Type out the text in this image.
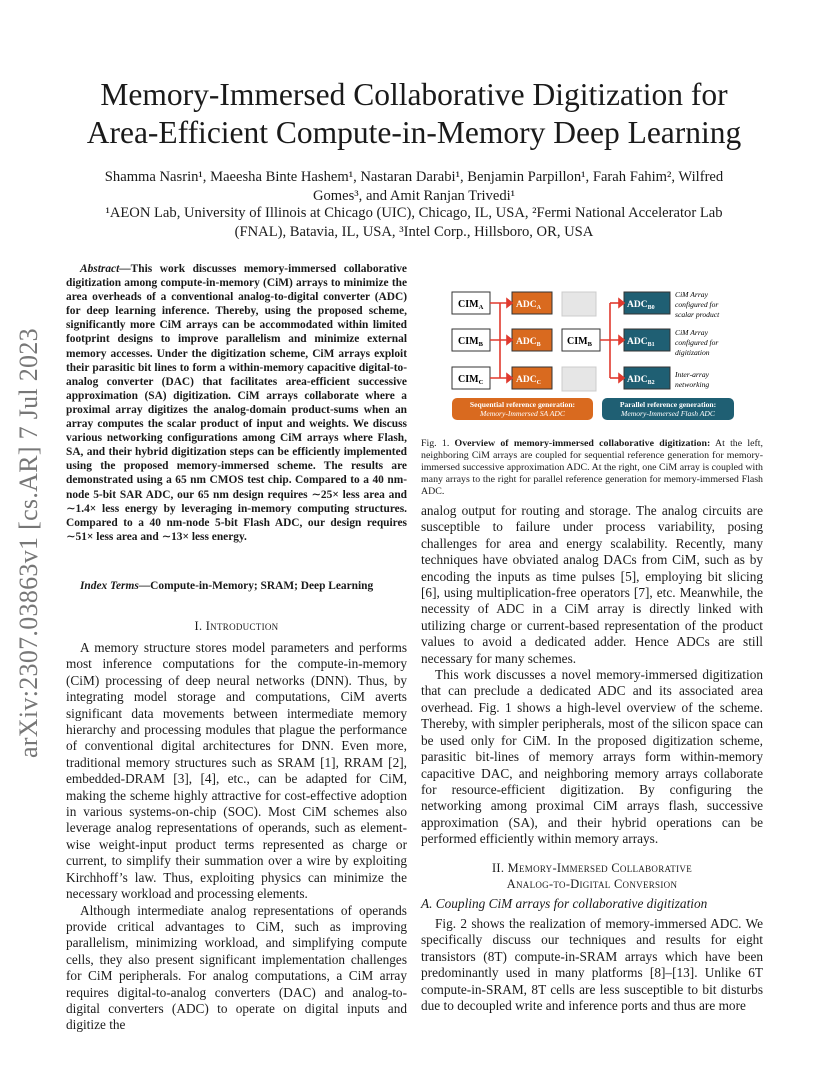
Memory-Immersed Collaborative Digitization for
Area-Efficient Compute-in-Memory Deep Learning
Shamma Nasrin¹, Maeesha Binte Hashem¹, Nastaran Darabi¹, Benjamin Parpillon¹, Farah Fahim², Wilfred
Gomes³, and Amit Ranjan Trivedi¹
¹AEON Lab, University of Illinois at Chicago (UIC), Chicago, IL, USA, ²Fermi National Accelerator Lab
(FNAL), Batavia, IL, USA, ³Intel Corp., Hillsboro, OR, USA
arXiv:2307.03863v1 [cs.AR] 7 Jul 2023

Abstract—This work discusses memory-immersed collaborative digitization among compute-in-memory (CiM) arrays to minimize the area overheads of a conventional analog-to-digital converter (ADC) for deep learning inference. Thereby, using the proposed scheme, significantly more CiM arrays can be accommodated within limited footprint designs to improve parallelism and minimize external memory accesses. Under the digitization scheme, CiM arrays exploit their parasitic bit lines to form a within-memory capacitive digital-to-analog converter (DAC) that facilitates area-efficient successive approximation (SA) digitization. CiM arrays collaborate where a proximal array digitizes the analog-domain product-sums when an array computes the scalar product of input and weights. We discuss various networking configurations among CiM arrays where Flash, SA, and their hybrid digitization steps can be efficiently implemented using the proposed memory-immersed scheme. The results are demonstrated using a 65 nm CMOS test chip. Compared to a 40 nm-node 5-bit SAR ADC, our 65 nm design requires ∼25× less area and ∼1.4× less energy by leveraging in-memory computing structures. Compared to a 40 nm-node 5-bit Flash ADC, our design requires ∼51× less area and ∼13× less energy.

Index Terms—Compute-in-Memory; SRAM; Deep Learning

I. Introduction

A memory structure stores model parameters and performs most inference computations for the compute-in-memory (CiM) processing of deep neural networks (DNN). Thus, by integrating model storage and computations, CiM averts significant data movements between intermediate memory hierarchy and processing modules that plague the performance of conventional digital architectures for DNN. Even more, traditional memory structures such as SRAM [1], RRAM [2], embedded-DRAM [3], [4], etc., can be adapted for CiM, making the scheme highly attractive for cost-effective adoption in various systems-on-chip (SOC). Most CiM schemes also leverage analog representations of operands, such as element-wise weight-input product terms represented as charge or current, to simplify their summation over a wire by exploiting Kirchhoff’s law. Thus, exploiting physics can minimize the necessary workload and processing elements.

Although intermediate analog representations of operands provide critical advantages to CiM, such as improving parallelism, minimizing workload, and simplifying compute cells, they also present significant implementation challenges for CiM peripherals. For analog computations, a CiM array requires digital-to-analog converters (DAC) and analog-to-digital converters (ADC) to operate on digital inputs and digitize the

$CIM_A$
$CIM_B$
$CIM_C$
$ADC_A$
$ADC_B$
$ADC_C$
$CIM_B$
$ADC_{B0}$
$ADC_{B1}$
$ADC_{B2}$
CiM Array configured for scalar product
CiM Array configured for digitization
Inter-array networking
Sequential reference generation:
Memory-Immersed SA ADC
Parallel reference generation:
Memory-Immersed Flash ADC
Fig. 1. Overview of memory-immersed collaborative digitization: At the left, neighboring CiM arrays are coupled for sequential reference generation for memory-immersed successive approximation ADC. At the right, one CiM array is coupled with many arrays to the right for parallel reference generation for memory-immersed Flash ADC.

analog output for routing and storage. The analog circuits are susceptible to failure under process variability, posing challenges for area and energy scalability. Recently, many techniques have obviated analog DACs from CiM, such as by encoding the inputs as time pulses [5], employing bit slicing [6], using multiplication-free operators [7], etc. Meanwhile, the necessity of ADC in a CiM array is directly linked with utilizing charge or current-based representation of the product values to avoid a dedicated adder. Hence ADCs are still necessary for many schemes.

This work discusses a novel memory-immersed digitization that can preclude a dedicated ADC and its associated area overhead. Fig. 1 shows a high-level overview of the scheme. Thereby, with simpler peripherals, most of the silicon space can be used only for CiM. In the proposed digitization scheme, parasitic bit-lines of memory arrays form within-memory capacitive DAC, and neighboring memory arrays collaborate for resource-efficient digitization. By configuring the networking among proximal CiM arrays flash, successive approximation (SA), and their hybrid operations can be performed efficiently within memory arrays.

II. Memory-Immersed Collaborative
Analog-to-Digital Conversion
A. Coupling CiM arrays for collaborative digitization

Fig. 2 shows the realization of memory-immersed ADC. We specifically discuss our techniques and results for eight transistors (8T) compute-in-SRAM arrays which have been predominantly used in many platforms [8]–[13]. Unlike 6T compute-in-SRAM, 8T cells are less susceptible to bit disturbs due to decoupled write and inference ports and thus are more
